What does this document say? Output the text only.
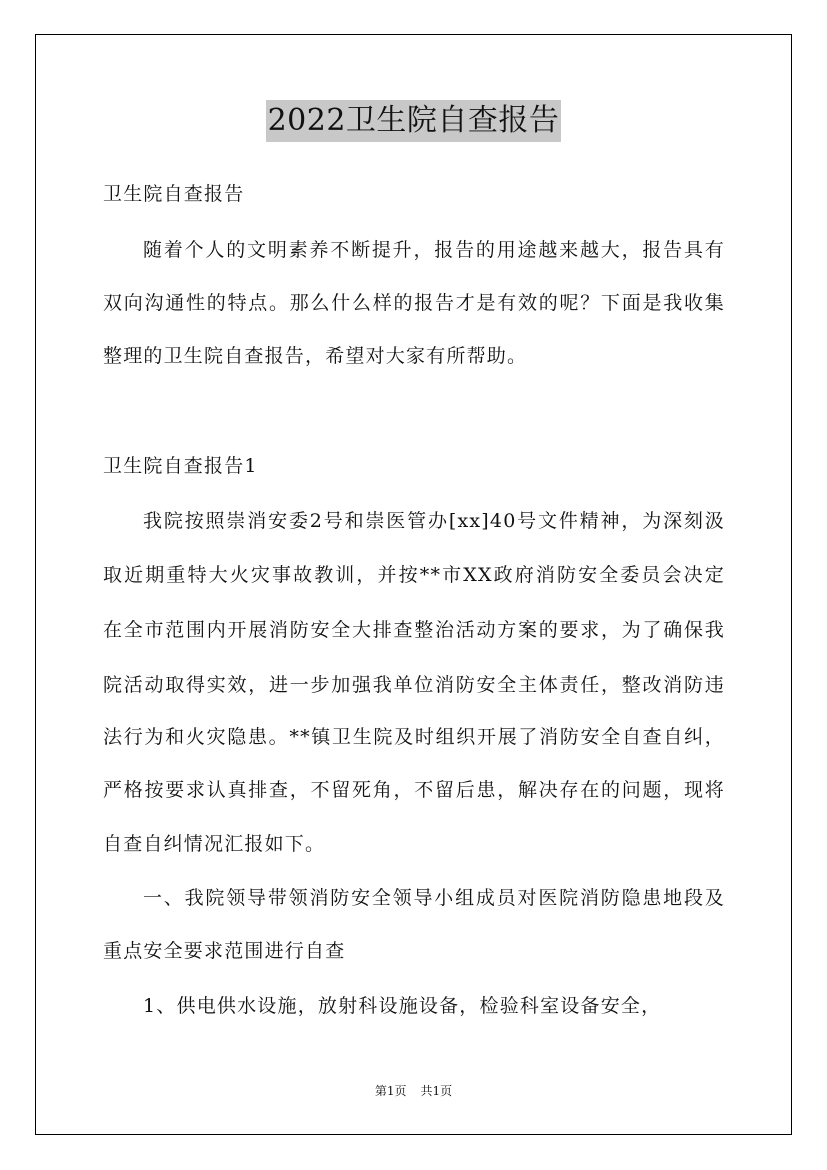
2022卫生院自查报告
卫生院自查报告
随着个人的文明素养不断提升，报告的用途越来越大，报告具有
双向沟通性的特点。那么什么样的报告才是有效的呢？下面是我收集
整理的卫生院自查报告，希望对大家有所帮助。
卫生院自查报告1
我院按照崇消安委2号和崇医管办[xx]40号文件精神，为深刻汲
取近期重特大火灾事故教训，并按**市XX政府消防安全委员会决定
在全市范围内开展消防安全大排查整治活动方案的要求，为了确保我
院活动取得实效，进一步加强我单位消防安全主体责任，整改消防违
法行为和火灾隐患。**镇卫生院及时组织开展了消防安全自查自纠，
严格按要求认真排查，不留死角，不留后患，解决存在的问题，现将
自查自纠情况汇报如下。
一、我院领导带领消防安全领导小组成员对医院消防隐患地段及
重点安全要求范围进行自查
1、供电供水设施，放射科设施设备，检验科室设备安全，
第1页 共1页
